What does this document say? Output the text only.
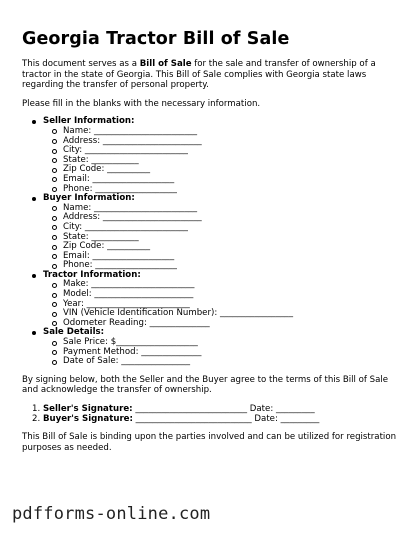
Georgia Tractor Bill of Sale

This document serves as a Bill of Sale for the sale and transfer of ownership of a tractor in the state of Georgia. This Bill of Sale complies with Georgia state laws regarding the transfer of personal property.

Please fill in the blanks with the necessary information.

Seller Information:
Name: ________________________
Address: _______________________
City: ________________________
State: ___________
Zip Code: __________
Email: ___________________
Phone: ___________________
Buyer Information:
Name: ________________________
Address: _______________________
City: ________________________
State: ___________
Zip Code: __________
Email: ___________________
Phone: ___________________
Tractor Information:
Make: ________________________
Model: _______________________
Year: ________________________
VIN (Vehicle Identification Number): _________________
Odometer Reading: ______________
Sale Details:
Sale Price: $___________________
Payment Method: ______________
Date of Sale: ________________

By signing below, both the Seller and the Buyer agree to the terms of this Bill of Sale and acknowledge the transfer of ownership.

1. Seller's Signature: __________________________ Date: _________
2. Buyer's Signature: ___________________________ Date: _________

This Bill of Sale is binding upon the parties involved and can be utilized for registration purposes as needed.

pdfforms-online.com
